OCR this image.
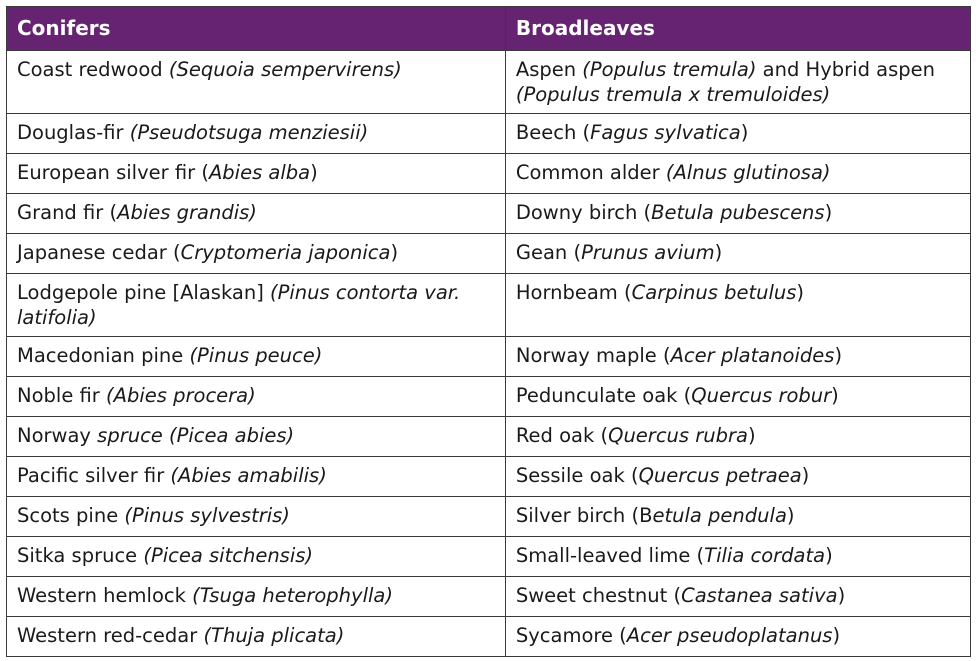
Conifers	Broadleaves
Coast redwood (Sequoia sempervirens)	Aspen (Populus tremula) and Hybrid aspen (Populus tremula x tremuloides)
Douglas-fir (Pseudotsuga menziesii)	Beech (Fagus sylvatica)
European silver fir (Abies alba)	Common alder (Alnus glutinosa)
Grand fir (Abies grandis)	Downy birch (Betula pubescens)
Japanese cedar (Cryptomeria japonica)	Gean (Prunus avium)
Lodgepole pine [Alaskan] (Pinus contorta var. latifolia)	Hornbeam (Carpinus betulus)
Macedonian pine (Pinus peuce)	Norway maple (Acer platanoides)
Noble fir (Abies procera)	Pedunculate oak (Quercus robur)
Norway spruce (Picea abies)	Red oak (Quercus rubra)
Pacific silver fir (Abies amabilis)	Sessile oak (Quercus petraea)
Scots pine (Pinus sylvestris)	Silver birch (Betula pendula)
Sitka spruce (Picea sitchensis)	Small-leaved lime (Tilia cordata)
Western hemlock (Tsuga heterophylla)	Sweet chestnut (Castanea sativa)
Western red-cedar (Thuja plicata)	Sycamore (Acer pseudoplatanus)
